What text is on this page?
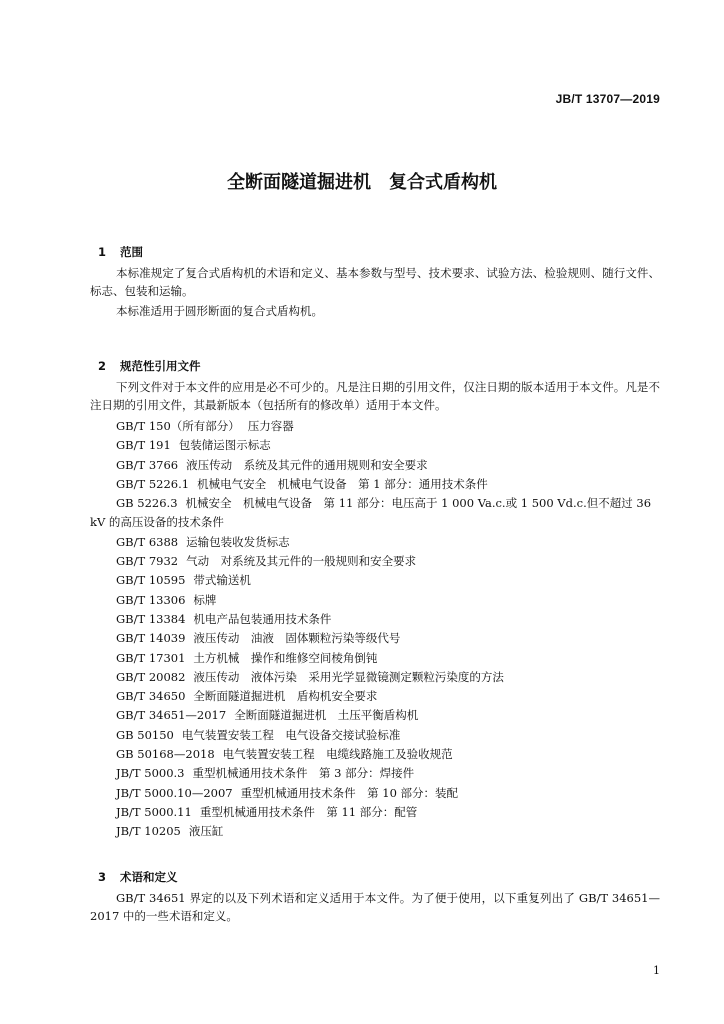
JB/T 13707—2019
全断面隧道掘进机　复合式盾构机

1 范围

本标准规定了复合式盾构机的术语和定义、基本参数与型号、技术要求、试验方法、检验规则、随行文件、标志、包装和运输。
本标准适用于圆形断面的复合式盾构机。

2 规范性引用文件

下列文件对于本文件的应用是必不可少的。凡是注日期的引用文件，仅注日期的版本适用于本文件。凡是不注日期的引用文件，其最新版本（包括所有的修改单）适用于本文件。
GB/T 150（所有部分） 压力容器
GB/T 191 包装储运图示标志
GB/T 3766 液压传动　系统及其元件的通用规则和安全要求
GB/T 5226.1 机械电气安全　机械电气设备　第 1 部分：通用技术条件
GB 5226.3 机械安全　机械电气设备　第 11 部分：电压高于 1 000 Va.c.或 1 500 Vd.c.但不超过 36 kV 的高压设备的技术条件
GB/T 6388 运输包装收发货标志
GB/T 7932 气动　对系统及其元件的一般规则和安全要求
GB/T 10595 带式输送机
GB/T 13306 标牌
GB/T 13384 机电产品包装通用技术条件
GB/T 14039 液压传动　油液　固体颗粒污染等级代号
GB/T 17301 土方机械　操作和维修空间棱角倒钝
GB/T 20082 液压传动　液体污染　采用光学显微镜测定颗粒污染度的方法
GB/T 34650 全断面隧道掘进机　盾构机安全要求
GB/T 34651—2017 全断面隧道掘进机　土压平衡盾构机
GB 50150 电气装置安装工程　电气设备交接试验标准
GB 50168—2018 电气装置安装工程　电缆线路施工及验收规范
JB/T 5000.3 重型机械通用技术条件　第 3 部分：焊接件
JB/T 5000.10—2007 重型机械通用技术条件　第 10 部分：装配
JB/T 5000.11 重型机械通用技术条件　第 11 部分：配管
JB/T 10205 液压缸

3 术语和定义

GB/T 34651 界定的以及下列术语和定义适用于本文件。为了便于使用，以下重复列出了 GB/T 34651—2017 中的一些术语和定义。
1
